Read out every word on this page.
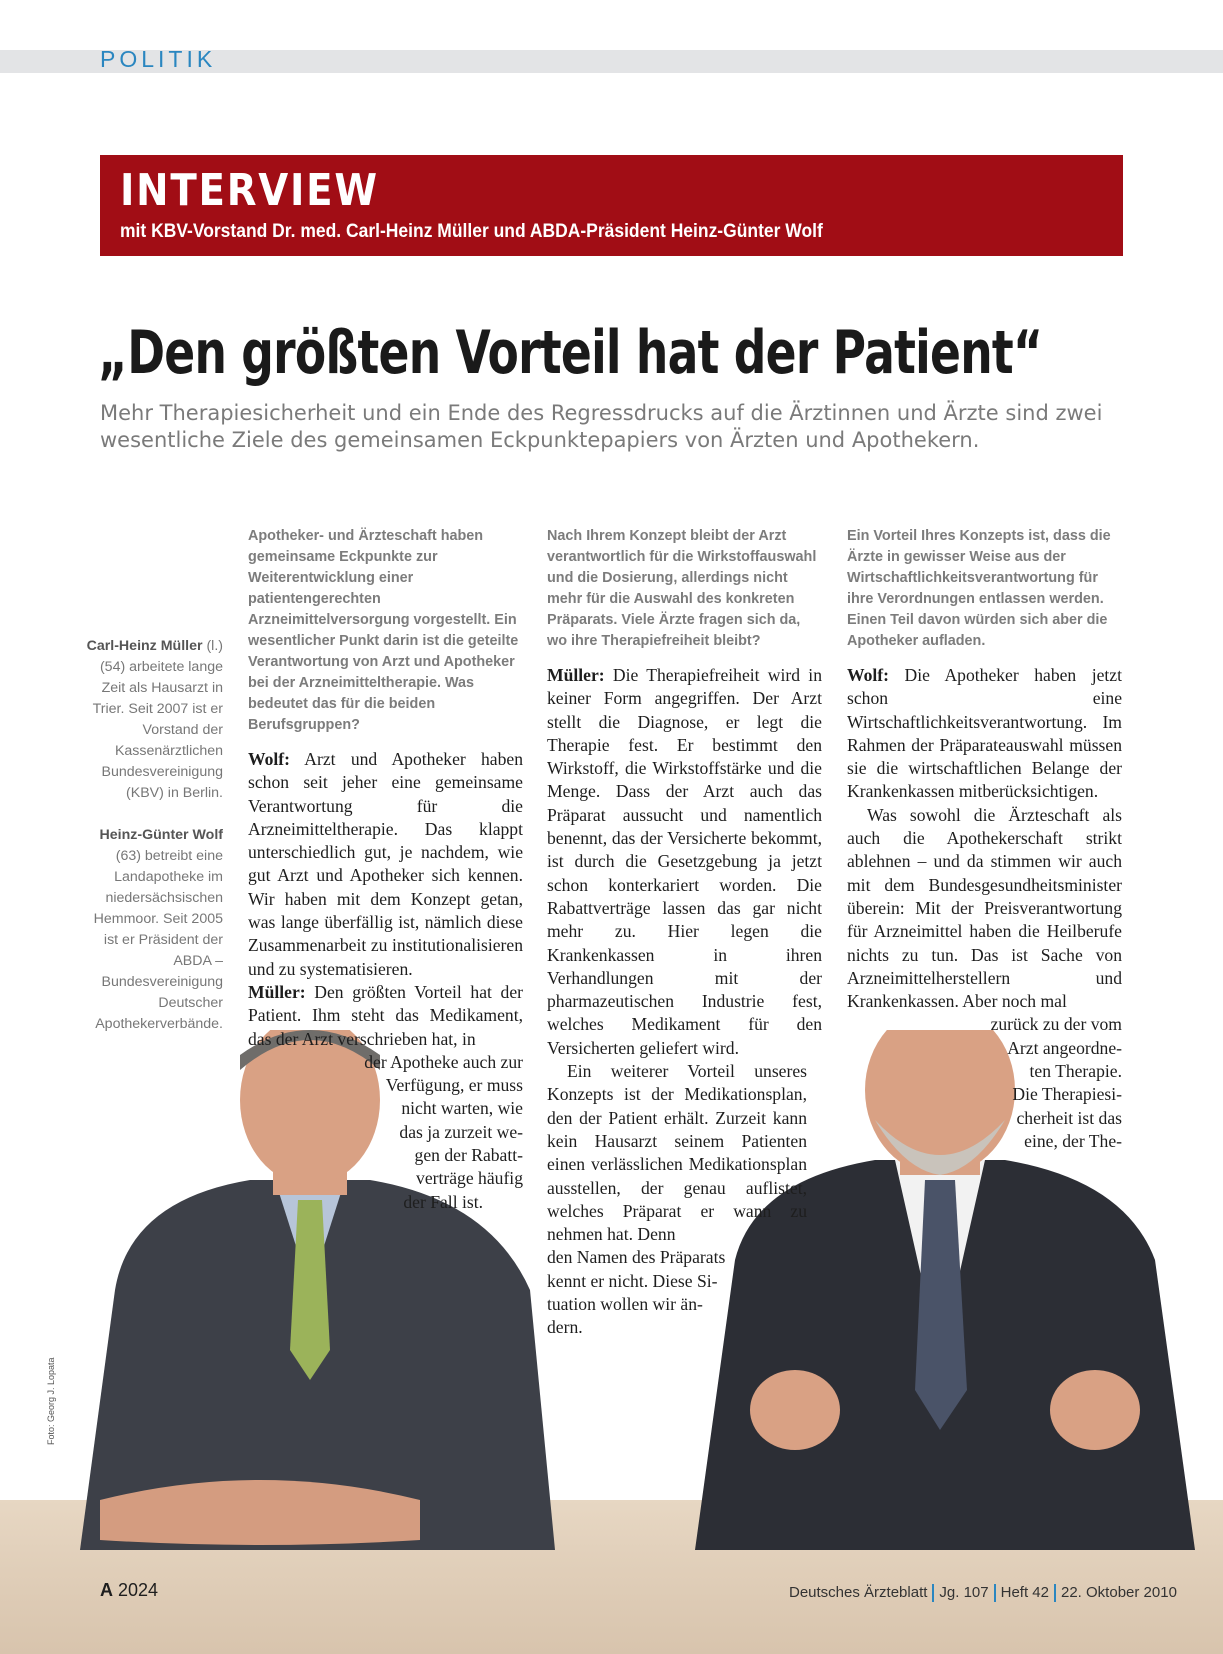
POLITIK
INTERVIEW
mit KBV-Vorstand Dr. med. Carl-Heinz Müller und ABDA-Präsident Heinz-Günter Wolf
„Den größten Vorteil hat der Patient“
Mehr Therapiesicherheit und ein Ende des Regressdrucks auf die Ärztinnen und Ärzte sind zwei wesentliche Ziele des gemeinsamen Eckpunktepapiers von Ärzten und Apothekern.
Foto: Georg J. Lopata
Carl-Heinz Müller (l.) (54) arbeitete lange Zeit als Hausarzt in Trier. Seit 2007 ist er Vorstand der Kassenärztlichen Bundesvereinigung (KBV) in Berlin.
Heinz-Günter Wolf (63) betreibt eine Landapotheke im niedersächsischen Hemmoor. Seit 2005 ist er Präsident der ABDA – Bundesvereinigung Deutscher Apothekerverbände.
Apotheker- und Ärzteschaft haben gemeinsame Eckpunkte zur Weiterentwicklung einer patientengerechten Arzneimittelversorgung vorgestellt. Ein wesentlicher Punkt darin ist die geteilte Verantwortung von Arzt und Apotheker bei der Arzneimitteltherapie. Was bedeutet das für die beiden Berufsgruppen?

Wolf: Arzt und Apotheker haben schon seit jeher eine gemeinsame Verantwortung für die Arzneimitteltherapie. Das klappt unterschiedlich gut, je nachdem, wie gut Arzt und Apotheker sich kennen. Wir haben mit dem Konzept getan, was lange überfällig ist, nämlich diese Zusammenarbeit zu institutionalisieren und zu systematisieren.

Müller: Den größten Vorteil hat der Patient. Ihm steht das Medikament, das der Arzt verschrieben hat, in

der Apotheke auch zur
Verfügung, er muss
nicht warten, wie
das ja zurzeit we-
gen der Rabatt-
verträge häufig
der Fall ist.
Nach Ihrem Konzept bleibt der Arzt verantwortlich für die Wirkstoffauswahl und die Dosierung, allerdings nicht mehr für die Auswahl des konkreten Präparats. Viele Ärzte fragen sich da, wo ihre Therapiefreiheit bleibt?

Müller: Die Therapiefreiheit wird in keiner Form angegriffen. Der Arzt stellt die Diagnose, er legt die Therapie fest. Er bestimmt den Wirkstoff, die Wirkstoffstärke und die Menge. Dass der Arzt auch das Präparat aussucht und namentlich benennt, das der Versicherte bekommt, ist durch die Gesetzgebung ja jetzt schon konterkariert worden. Die Rabattverträge lassen das gar nicht mehr zu. Hier legen die Krankenkassen in ihren Verhandlungen mit der pharmazeutischen Industrie fest, welches Medikament für den Versicherten geliefert wird.

Ein weiterer Vorteil unseres Konzepts ist der Medikationsplan, den der Patient erhält. Zurzeit kann kein Hausarzt seinem Patienten einen verlässlichen Medikationsplan ausstellen, der genau auflistet, welches Präparat er wann zu nehmen hat. Denn

den Namen des Präparats
kennt er nicht. Diese Si-
tuation wollen wir än-
dern.
Ein Vorteil Ihres Konzepts ist, dass die Ärzte in gewisser Weise aus der Wirtschaftlichkeitsverantwortung für ihre Verordnungen entlassen werden. Einen Teil davon würden sich aber die Apotheker aufladen.

Wolf: Die Apotheker haben jetzt schon eine Wirtschaftlichkeitsverantwortung. Im Rahmen der Präparateauswahl müssen sie die wirtschaftlichen Belange der Krankenkassen mitberücksichtigen.

Was sowohl die Ärzteschaft als auch die Apothekerschaft strikt ablehnen – und da stimmen wir auch mit dem Bundesgesundheitsminister überein: Mit der Preisverantwortung für Arzneimittel haben die Heilberufe nichts zu tun. Das ist Sache von Arzneimittelherstellern und Krankenkassen. Aber noch mal

zurück zu der vom
Arzt angeordne-
ten Therapie.
Die Therapiesi-
cherheit ist das
eine, der The-
A 2024	Deutsches Ärzteblatt Jg. 107 Heft 42 22. Oktober 2010
